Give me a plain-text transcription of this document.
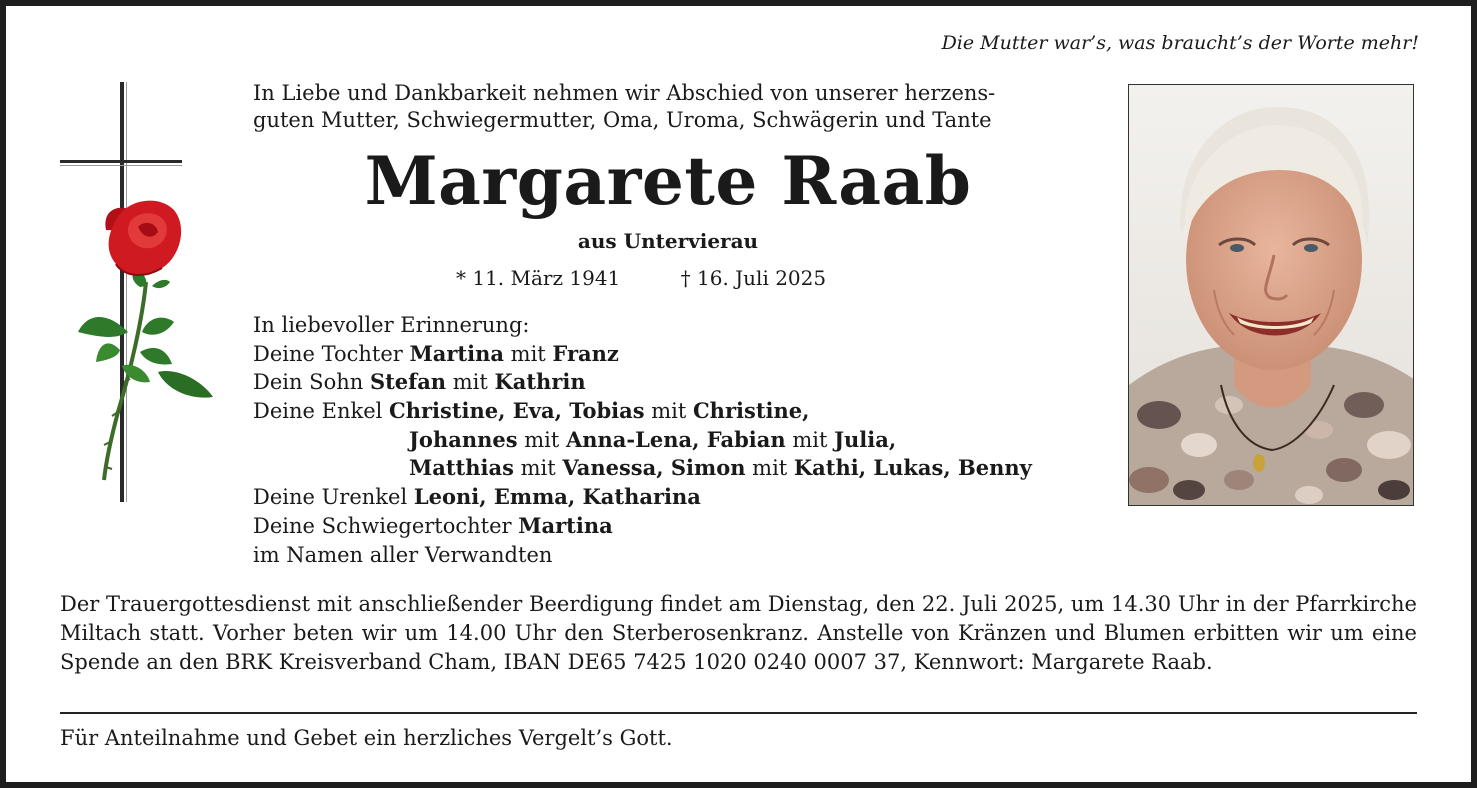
Die Mutter war’s, was braucht’s der Worte mehr!
In Liebe und Dankbarkeit nehmen wir Abschied von unserer herzens-
guten Mutter, Schwiegermutter, Oma, Uroma, Schwägerin und Tante
Margarete Raab
aus Untervierau
* 11. März 1941	† 16. Juli 2025
In liebevoller Erinnerung:
Deine Tochter Martina mit Franz
Dein Sohn Stefan mit Kathrin
Deine Enkel Christine, Eva, Tobias mit Christine,
Johannes mit Anna-Lena, Fabian mit Julia,
Matthias mit Vanessa, Simon mit Kathi, Lukas, Benny
Deine Urenkel Leoni, Emma, Katharina
Deine Schwiegertochter Martina
im Namen aller Verwandten
Der Trauergottesdienst mit anschließender Beerdigung findet am Dienstag, den 22. Juli 2025, um 14.30 Uhr in der Pfarrkirche Miltach statt. Vorher beten wir um 14.00 Uhr den Sterberosenkranz. Anstelle von Kränzen und Blumen erbitten wir um eine Spende an den BRK Kreisverband Cham, IBAN DE65 7425 1020 0240 0007 37, Kennwort: Margarete Raab.
Für Anteilnahme und Gebet ein herzliches Vergelt’s Gott.
